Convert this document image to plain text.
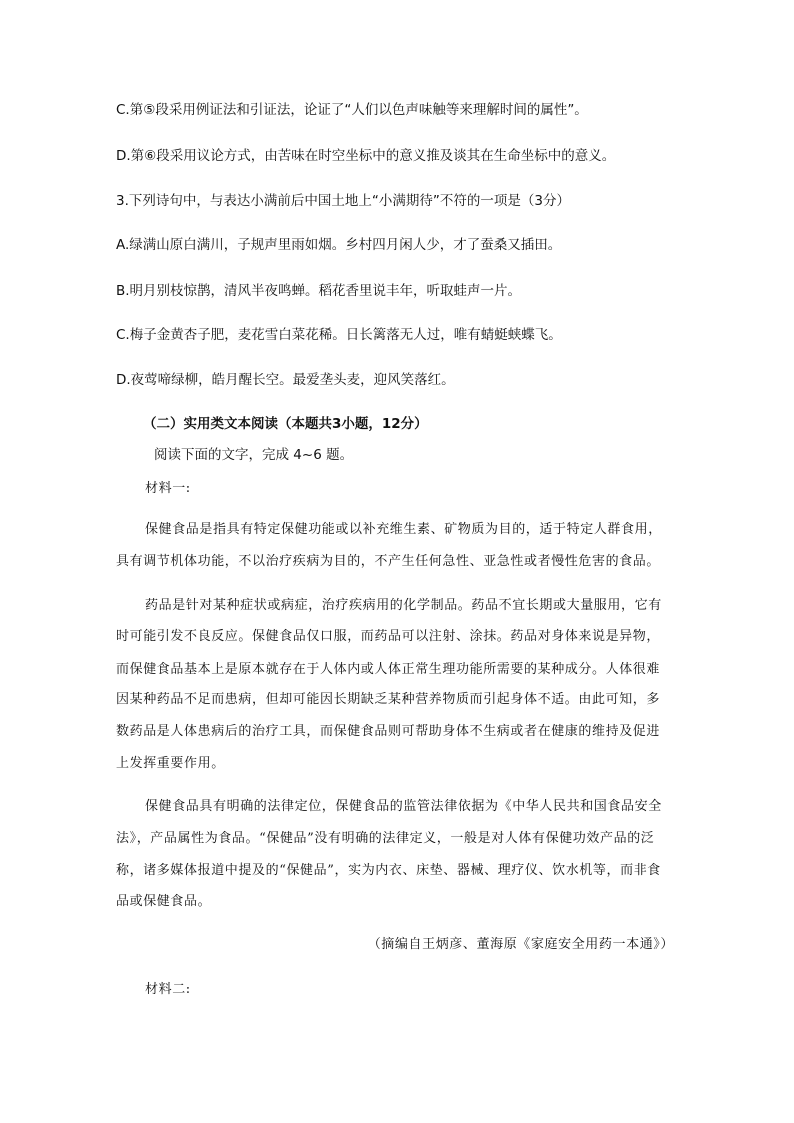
C.第⑤段采用例证法和引证法，论证了“人们以色声味触等来理解时间的属性”。
D.第⑥段采用议论方式，由苦味在时空坐标中的意义推及谈其在生命坐标中的意义。
3.下列诗句中，与表达小满前后中国土地上“小满期待”不符的一项是（3分）
A.绿满山原白满川，子规声里雨如烟。乡村四月闲人少，才了蚕桑又插田。
B.明月别枝惊鹊，清风半夜鸣蝉。稻花香里说丰年，听取蛙声一片。
C.梅子金黄杏子肥，麦花雪白菜花稀。日长篱落无人过，唯有蜻蜓蛱蝶飞。
D.夜莺啼绿柳，皓月醒长空。最爱垄头麦，迎风笑落红。
（二）实用类文本阅读（本题共3小题，12分）
阅读下面的文字，完成 4~6 题。
材料一:
保健食品是指具有特定保健功能或以补充维生素、矿物质为目的，适于特定人群食用，
具有调节机体功能，不以治疗疾病为目的，不产生任何急性、亚急性或者慢性危害的食品。
药品是针对某种症状或病症，治疗疾病用的化学制品。药品不宜长期或大量服用，它有
时可能引发不良反应。保健食品仅口服，而药品可以注射、涂抹。药品对身体来说是异物，
而保健食品基本上是原本就存在于人体内或人体正常生理功能所需要的某种成分。人体很难
因某种药品不足而患病，但却可能因长期缺乏某种营养物质而引起身体不适。由此可知，多
数药品是人体患病后的治疗工具，而保健食品则可帮助身体不生病或者在健康的维持及促进
上发挥重要作用。
保健食品具有明确的法律定位，保健食品的监管法律依据为《中华人民共和国食品安全
法》，产品属性为食品。“保健品”没有明确的法律定义，一般是对人体有保健功效产品的泛
称，诸多媒体报道中提及的“保健品”，实为内衣、床垫、器械、理疗仪、饮水机等，而非食
品或保健食品。
（摘编自王炳彦、董海原《家庭安全用药一本通》）
材料二:
